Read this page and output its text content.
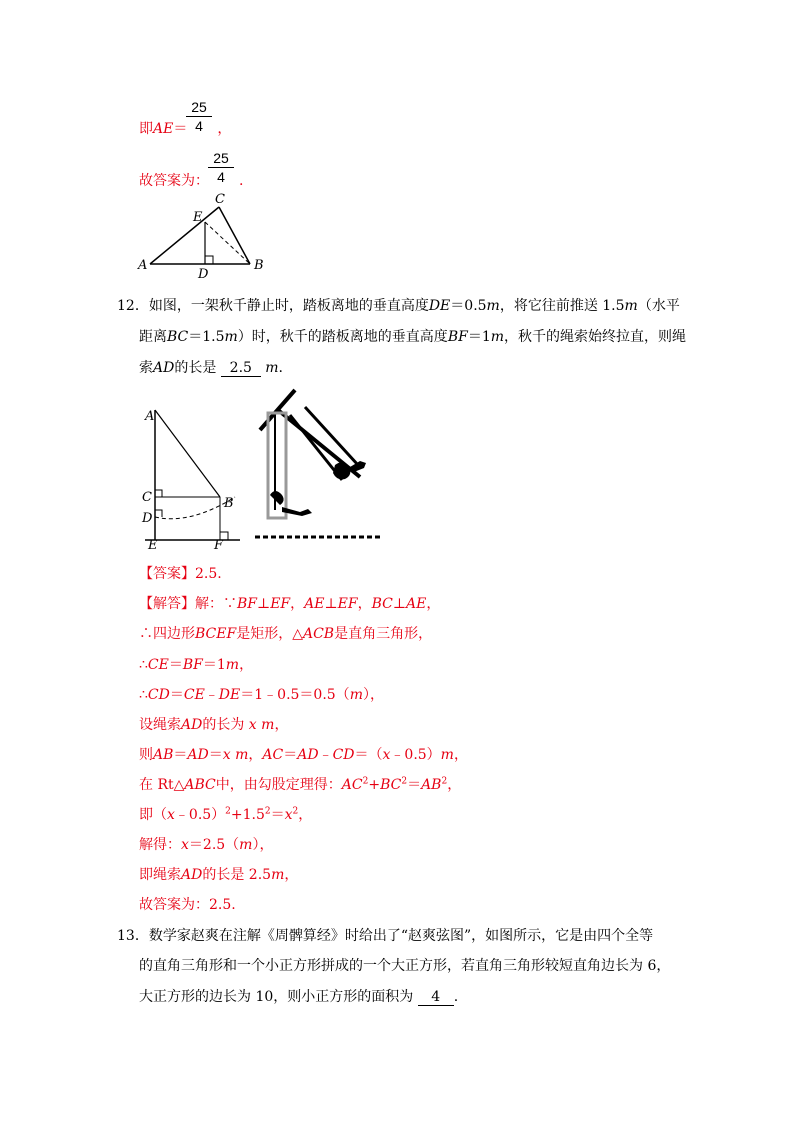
即AE＝ ，
$\frac{25}{4}$
故答案为： .
$\frac{25}{4}$
A	B
C
D
E
12．如图，一架秋千静止时，踏板离地的垂直高度DE＝0.5m，将它往前推送 1.5m（水平
距离BC＝1.5m）时，秋千的踏板离地的垂直高度BF＝1m，秋千的绳索始终拉直，则绳
索AD的长是 2.5 m.
A
C	B
D
E	F
【答案】2.5.
【解答】解：∵BF⊥EF，AE⊥EF，BC⊥AE，
∴四边形BCEF是矩形，△ACB是直角三角形，
∴CE＝BF＝1m，
∴CD＝CE﹣DE＝1﹣0.5＝0.5（m），
设绳索AD的长为 x m，
则AB＝AD＝x m，AC＝AD﹣CD＝（x﹣0.5）m，
在 Rt△ABC中，由勾股定理得：$AC^2+BC^2=AB^2$，
即$(x﹣0.5)^2+1.5^2=x^2$，
解得：x＝2.5（m），
即绳索AD的长是 2.5m，
故答案为：2.5.
13．数学家赵爽在注解《周髀算经》时给出了“赵爽弦图”，如图所示，它是由四个全等
的直角三角形和一个小正方形拼成的一个大正方形，若直角三角形较短直角边长为 6，
大正方形的边长为 10，则小正方形的面积为 4 .
